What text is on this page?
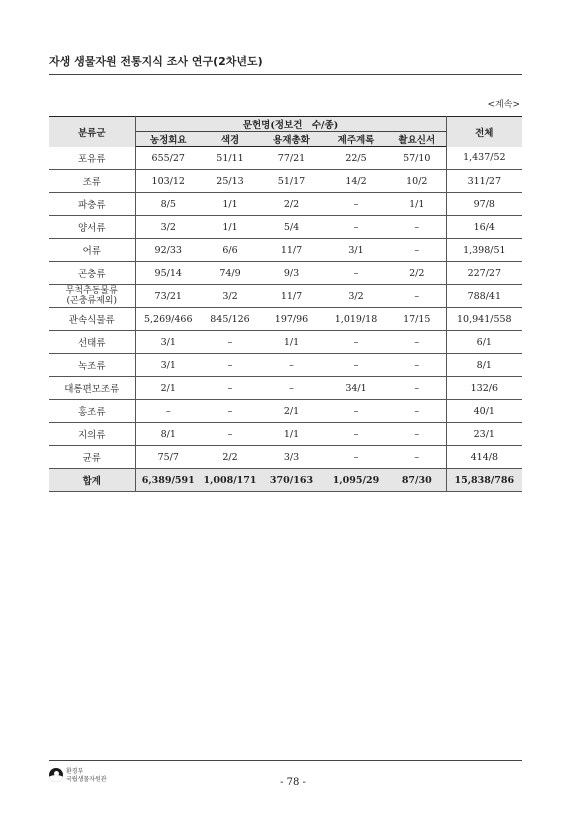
자생 생물자원 전통지식 조사 연구(2차년도)
<계속>
분류군	문헌명(정보건　수/종)					전체
	농정회요	색경	용재총화	제주계록	촬요신서	
포유류	655/27	51/11	77/21	22/5	57/10	1,437/52
조류	103/12	25/13	51/17	14/2	10/2	311/27
파충류	8/5	1/1	2/2	–	1/1	97/8
양서류	3/2	1/1	5/4	–	–	16/4
어류	92/33	6/6	11/7	3/1	–	1,398/51
곤충류	95/14	74/9	9/3	–	2/2	227/27
무척추동물류
(곤충류제외)	73/21	3/2	11/7	3/2	–	788/41
관속식물류	5,269/466	845/126	197/96	1,019/18	17/15	10,941/558
선태류	3/1	–	1/1	–	–	6/1
녹조류	3/1	–	–	–	–	8/1
대롱편모조류	2/1	–	–	34/1	–	132/6
홍조류	–	–	2/1	–	–	40/1
지의류	8/1	–	1/1	–	–	23/1
균류	75/7	2/2	3/3	–	–	414/8
합계	6,389/591	1,008/171	370/163	1,095/29	87/30	15,838/786
환경부
국립생물자원관	- 78 -
